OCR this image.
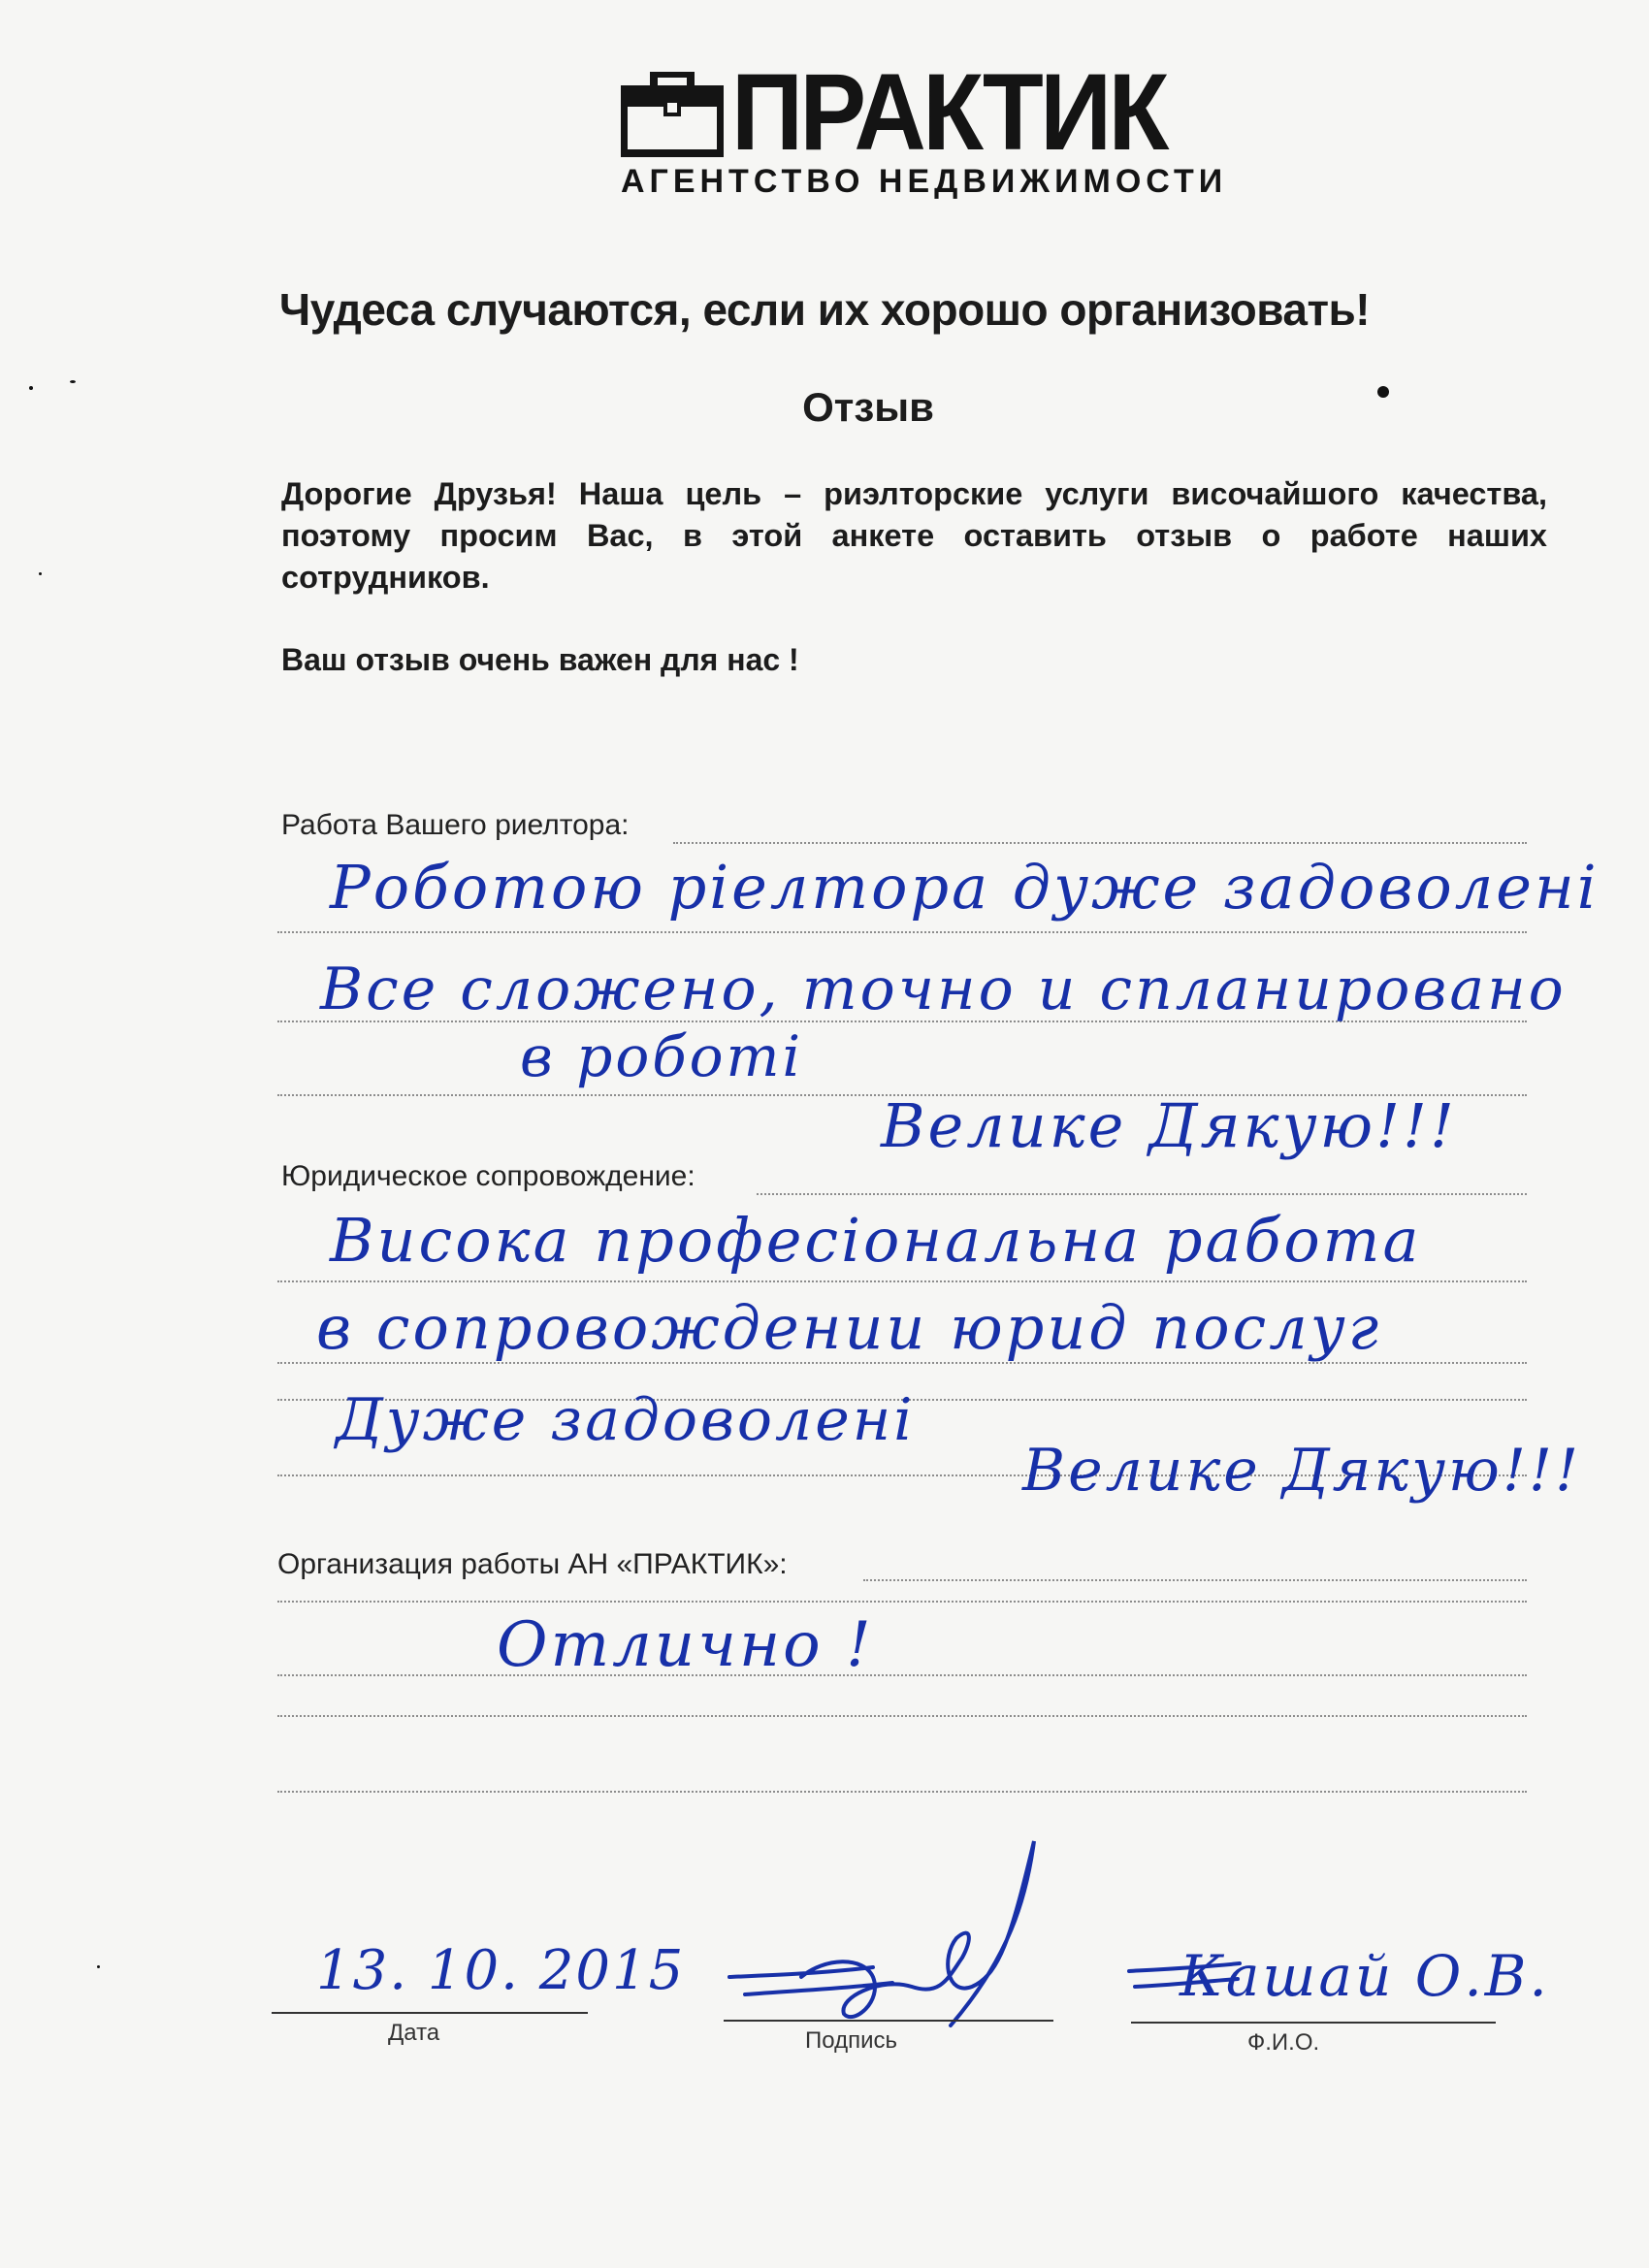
ПРАКТИК
АГЕНТСТВО НЕДВИЖИМОСТИ
Чудеса случаются, если их хорошо организовать!
Отзыв
Дорогие Друзья! Наша цель – риэлторские услуги височайшого качества, поэтому просим Вас, в этой анкете оставить отзыв о работе наших сотрудников.
Ваш отзыв очень важен для нас !
Работа Вашего риелтора:
Роботою рiелтора дуже задоволенi
Все сложено, точно и спланировано
в роботi
Велике Дякую!!!
Юридическое сопровождение:
Висока професiональна работа
в сопровождении юрид послуг
Дуже задоволенi
Велике Дякую!!!
Организация работы АН «ПРАКТИК»:
Отлично !
13. 10. 2015
Дата	Подпись
Кашай О.В.
Ф.И.О.
